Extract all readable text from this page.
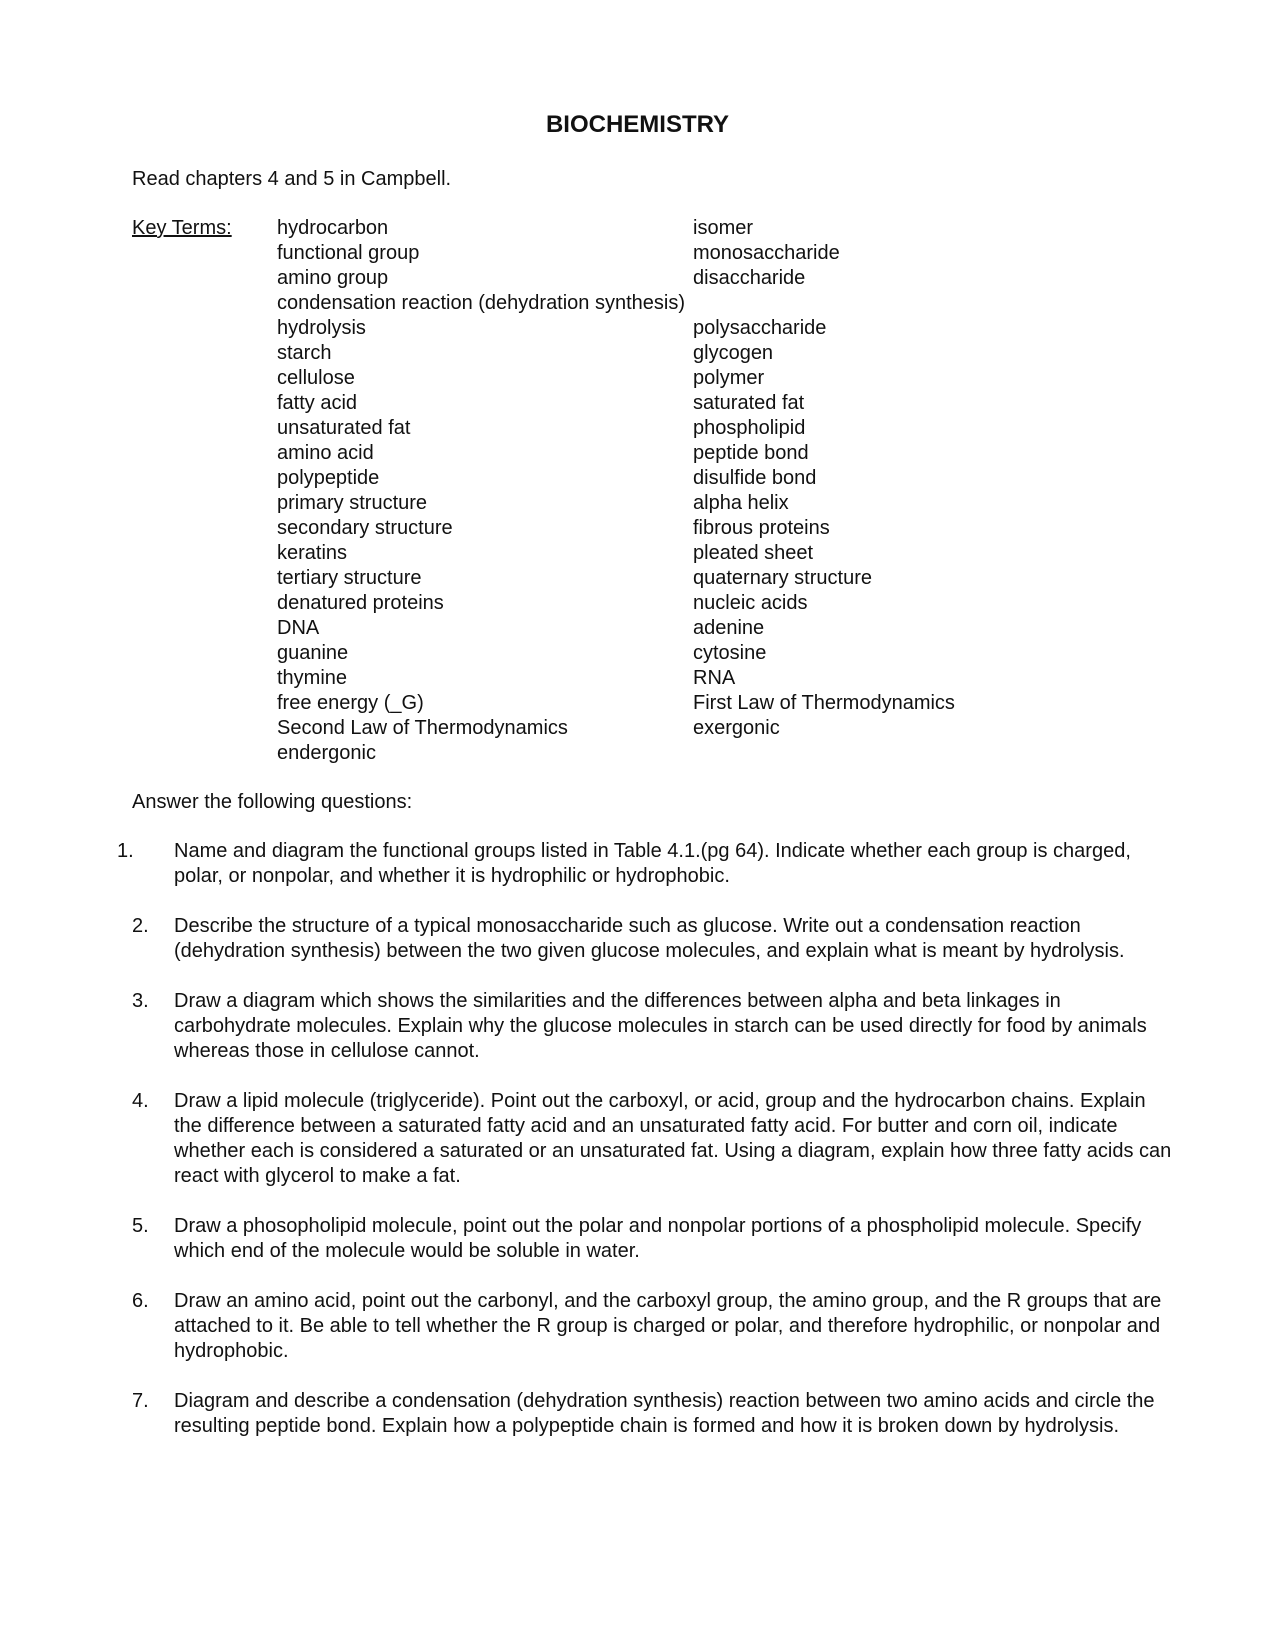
BIOCHEMISTRY
Read chapters 4 and 5 in Campbell.
Key Terms: hydrocarbon
functional group
amino group
condensation reaction (dehydration synthesis)
hydrolysis
starch
cellulose
fatty acid
unsaturated fat
amino acid
polypeptide
primary structure
secondary structure
keratins
tertiary structure
denatured proteins
DNA
guanine
thymine
free energy (_G)
Second Law of Thermodynamics
endergonic
isomer
monosaccharide
disaccharide
polysaccharide
glycogen
polymer
saturated fat
phospholipid
peptide bond
disulfide bond
alpha helix
fibrous proteins
pleated sheet
quaternary structure
nucleic acids
adenine
cytosine
RNA
First Law of Thermodynamics
exergonic
Answer the following questions:
1.	Name and diagram the functional groups listed in Table 4.1.(pg 64). Indicate whether each group is charged, polar, or nonpolar, and whether it is hydrophilic or hydrophobic.
2.	Describe the structure of a typical monosaccharide such as glucose. Write out a condensation reaction (dehydration synthesis) between the two given glucose molecules, and explain what is meant by hydrolysis.
3.	Draw a diagram which shows the similarities and the differences between alpha and beta linkages in carbohydrate molecules. Explain why the glucose molecules in starch can be used directly for food by animals whereas those in cellulose cannot.
4.	Draw a lipid molecule (triglyceride). Point out the carboxyl, or acid, group and the hydrocarbon chains. Explain the difference between a saturated fatty acid and an unsaturated fatty acid. For butter and corn oil, indicate whether each is considered a saturated or an unsaturated fat. Using a diagram, explain how three fatty acids can react with glycerol to make a fat.
5.	Draw a phosopholipid molecule, point out the polar and nonpolar portions of a phospholipid molecule. Specify which end of the molecule would be soluble in water.
6.	Draw an amino acid, point out the carbonyl, and the carboxyl group, the amino group, and the R groups that are attached to it. Be able to tell whether the R group is charged or polar, and therefore hydrophilic, or nonpolar and hydrophobic.
7.	Diagram and describe a condensation (dehydration synthesis) reaction between two amino acids and circle the resulting peptide bond. Explain how a polypeptide chain is formed and how it is broken down by hydrolysis.
